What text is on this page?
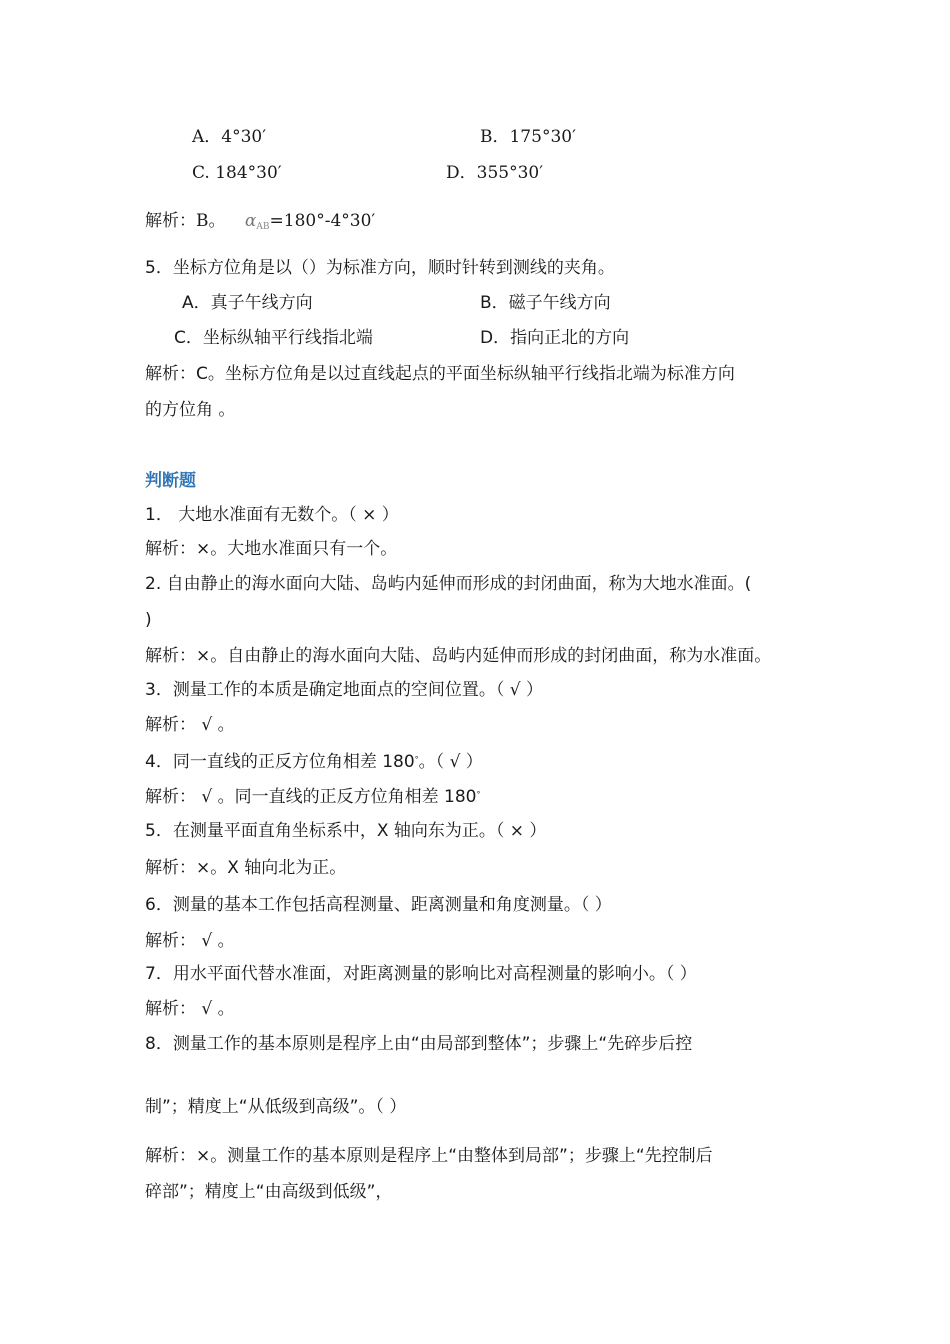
A．4°30′	B．175°30′
C. 184°30′	D．355°30′
解析：B。 αAB=180°-4°30′
5．坐标方位角是以（）为标准方向，顺时针转到测线的夹角。
A．真子午线方向	B．磁子午线方向
C．坐标纵轴平行线指北端	D．指向正北的方向
解析：C。坐标方位角是以过直线起点的平面坐标纵轴平行线指北端为标准方向
的方位角 。
判断题
1． 大地水准面有无数个。（ × ）
解析：×。大地水准面只有一个。
2. 自由静止的海水面向大陆、岛屿内延伸而形成的封闭曲面，称为大地水准面。(
)
解析：×。自由静止的海水面向大陆、岛屿内延伸而形成的封闭曲面，称为水准面。
3．测量工作的本质是确定地面点的空间位置。（ √ ）
解析： √ 。
4．同一直线的正反方位角相差 180°。（ √ ）
解析： √ 。同一直线的正反方位角相差 180°
5．在测量平面直角坐标系中，X 轴向东为正。（ × ）
解析：×。X 轴向北为正。
6．测量的基本工作包括高程测量、距离测量和角度测量。（ ）
解析： √ 。
7．用水平面代替水准面，对距离测量的影响比对高程测量的影响小。（ ）
解析： √ 。
8．测量工作的基本原则是程序上由“由局部到整体”；步骤上“先碎步后控
制”；精度上“从低级到高级”。（ ）
解析：×。测量工作的基本原则是程序上“由整体到局部”；步骤上“先控制后
碎部”；精度上“由高级到低级”，
